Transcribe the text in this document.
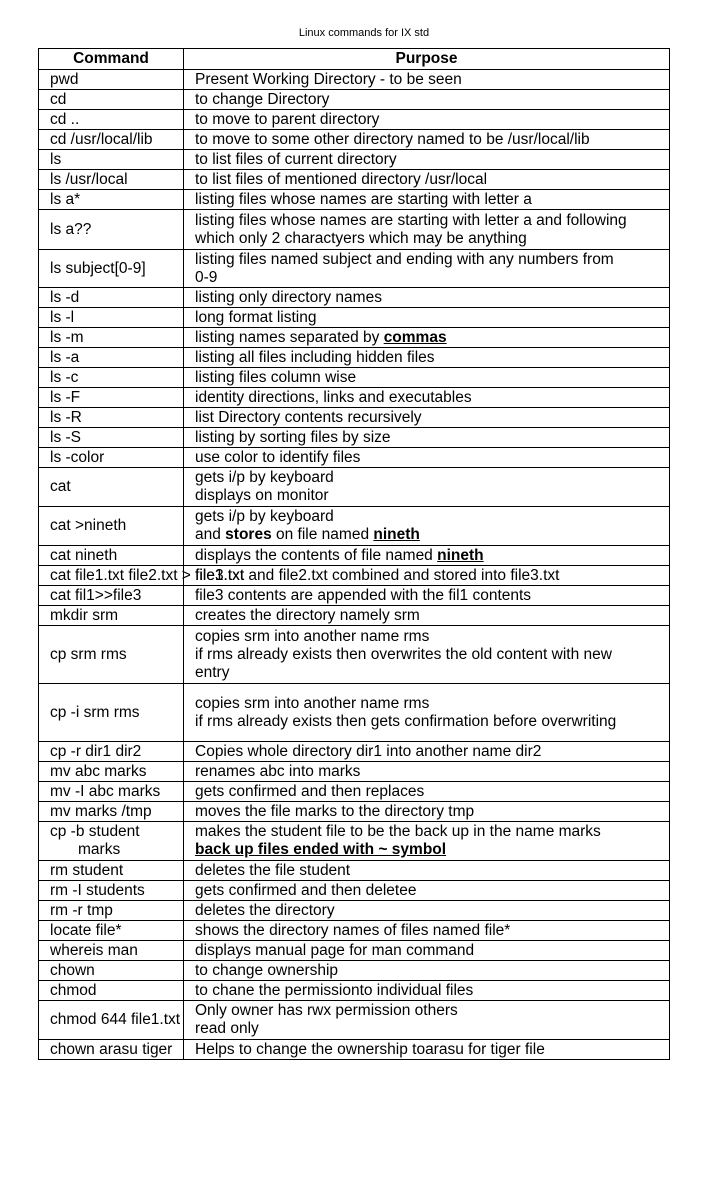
Linux commands for IX std
Command	Purpose

pwd	Present Working Directory - to be seen

cd	to change Directory

cd ..	to move to parent directory

cd /usr/local/lib	to move to some other directory named to be /usr/local/lib

ls	to list files of current directory

ls /usr/local	to list files of mentioned directory /usr/local

ls a*	listing files whose names are starting with letter a

ls a??	listing files whose names are starting with letter a and following
which only 2 charactyers which may be anything

ls subject[0-9]	listing files named subject and ending with any numbers from
0-9

ls -d	listing only directory names

ls -l	long format listing

ls -m	listing names separated by commas

ls -a	listing all files including hidden files

ls -c	listing files column wise

ls -F	identity directions, links and executables

ls -R	list Directory contents recursively

ls -S	listing by sorting files by size

ls -color	use color to identify files

cat	gets i/p by keyboard
displays on monitor

cat >nineth	gets i/p by keyboard
and stores on file named nineth

cat nineth	displays the contents of file named nineth

cat file1.txt file2.txt > file3.txt	file1.txt and file2.txt combined and stored into file3.txt

cat fil1>>file3	file3 contents are appended with the fil1 contents

mkdir srm	creates the directory namely srm

cp srm rms	copies srm into another name rms
if rms already exists then overwrites the old content with new
entry

cp -i srm rms	copies srm into another name rms
if rms already exists then gets confirmation before overwriting

cp -r dir1 dir2	Copies whole directory dir1 into another name dir2

mv abc marks	renames abc into marks

mv -I abc marks	gets confirmed and then replaces

mv marks /tmp	moves the file marks to the directory tmp

cp -b student
marks	makes the student file to be the back up in the name marks
back up files ended with ~ symbol

rm student	deletes the file student

rm -I students	gets confirmed and then deletee

rm -r tmp	deletes the directory

locate file*	shows the directory names of files named file*

whereis man	displays manual page for man command

chown	to change ownership

chmod	to chane the permissionto individual files

chmod 644 file1.txt	Only owner has rwx permission others
read only

chown arasu tiger	Helps to change the ownership toarasu for tiger file
